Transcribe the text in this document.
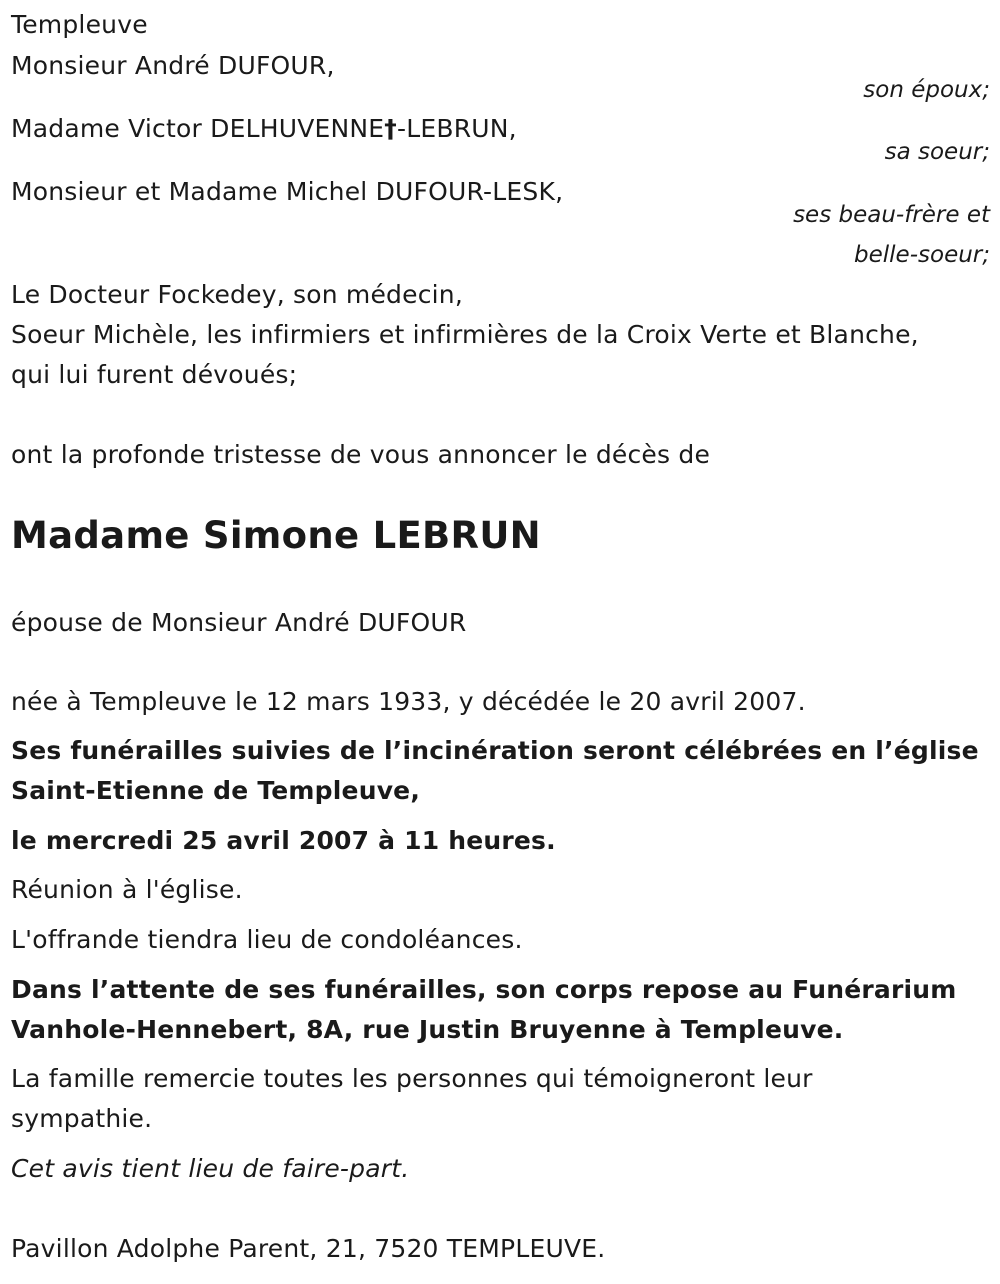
Templeuve
Monsieur André DUFOUR,
son époux;
Madame Victor DELHUVENNE†-LEBRUN,
sa soeur;
Monsieur et Madame Michel DUFOUR-LESK,
ses beau-frère et
belle-soeur;
Le Docteur Fockedey, son médecin,
Soeur Michèle, les infirmiers et infirmières de la Croix Verte et Blanche,
qui lui furent dévoués;
ont la profonde tristesse de vous annoncer le décès de
Madame Simone LEBRUN
épouse de Monsieur André DUFOUR
née à Templeuve le 12 mars 1933, y décédée le 20 avril 2007.
Ses funérailles suivies de l’incinération seront célébrées en l’église
Saint-Etienne de Templeuve,
le mercredi 25 avril 2007 à 11 heures.
Réunion à l'église.
L'offrande tiendra lieu de condoléances.
Dans l’attente de ses funérailles, son corps repose au Funérarium
Vanhole-Hennebert, 8A, rue Justin Bruyenne à Templeuve.
La famille remercie toutes les personnes qui témoigneront leur
sympathie.
Cet avis tient lieu de faire-part.
Pavillon Adolphe Parent, 21, 7520 TEMPLEUVE.
